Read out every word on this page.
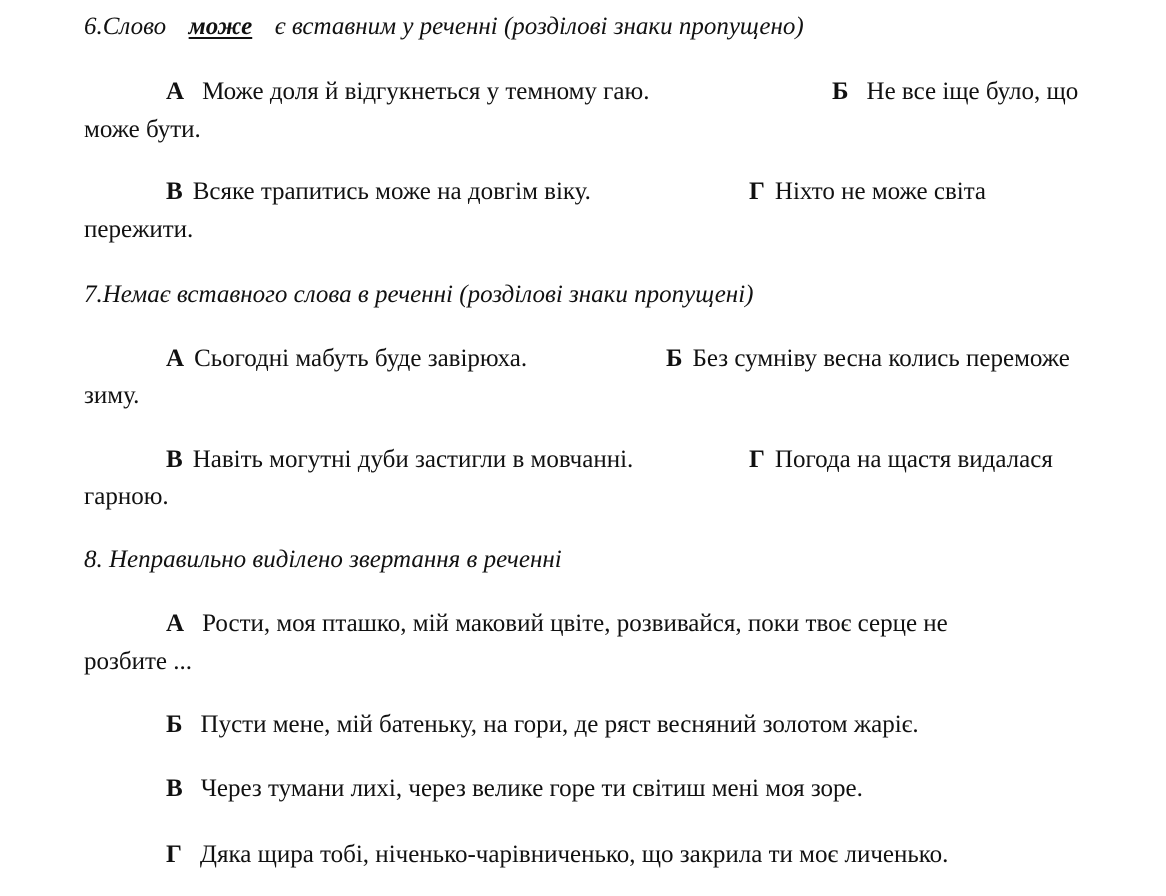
6.Слово може є вставним у реченні (розділові знаки пропущено)
А Може доля й відгукнеться у темному гаю.	Б Не все іще було, що
може бути.
В Всяке трапитись може на довгім віку.	Г Ніхто не може світа
пережити.
7.Немає вставного слова в реченні (розділові знаки пропущені)
А Сьогодні мабуть буде завірюха.	Б Без сумніву весна колись переможе
зиму.
В Навіть могутні дуби застигли в мовчанні.	Г Погода на щастя видалася
гарною.
8. Неправильно виділено звертання в реченні
А Рости, моя пташко, мій маковий цвіте, розвивайся, поки твоє серце не
розбите ...
Б Пусти мене, мій батеньку, на гори, де ряст весняний золотом жаріє.
В Через тумани лихі, через велике горе ти світиш мені моя зоре.
Г Дяка щира тобі, ніченько-чарівниченько, що закрила ти моє личенько.
